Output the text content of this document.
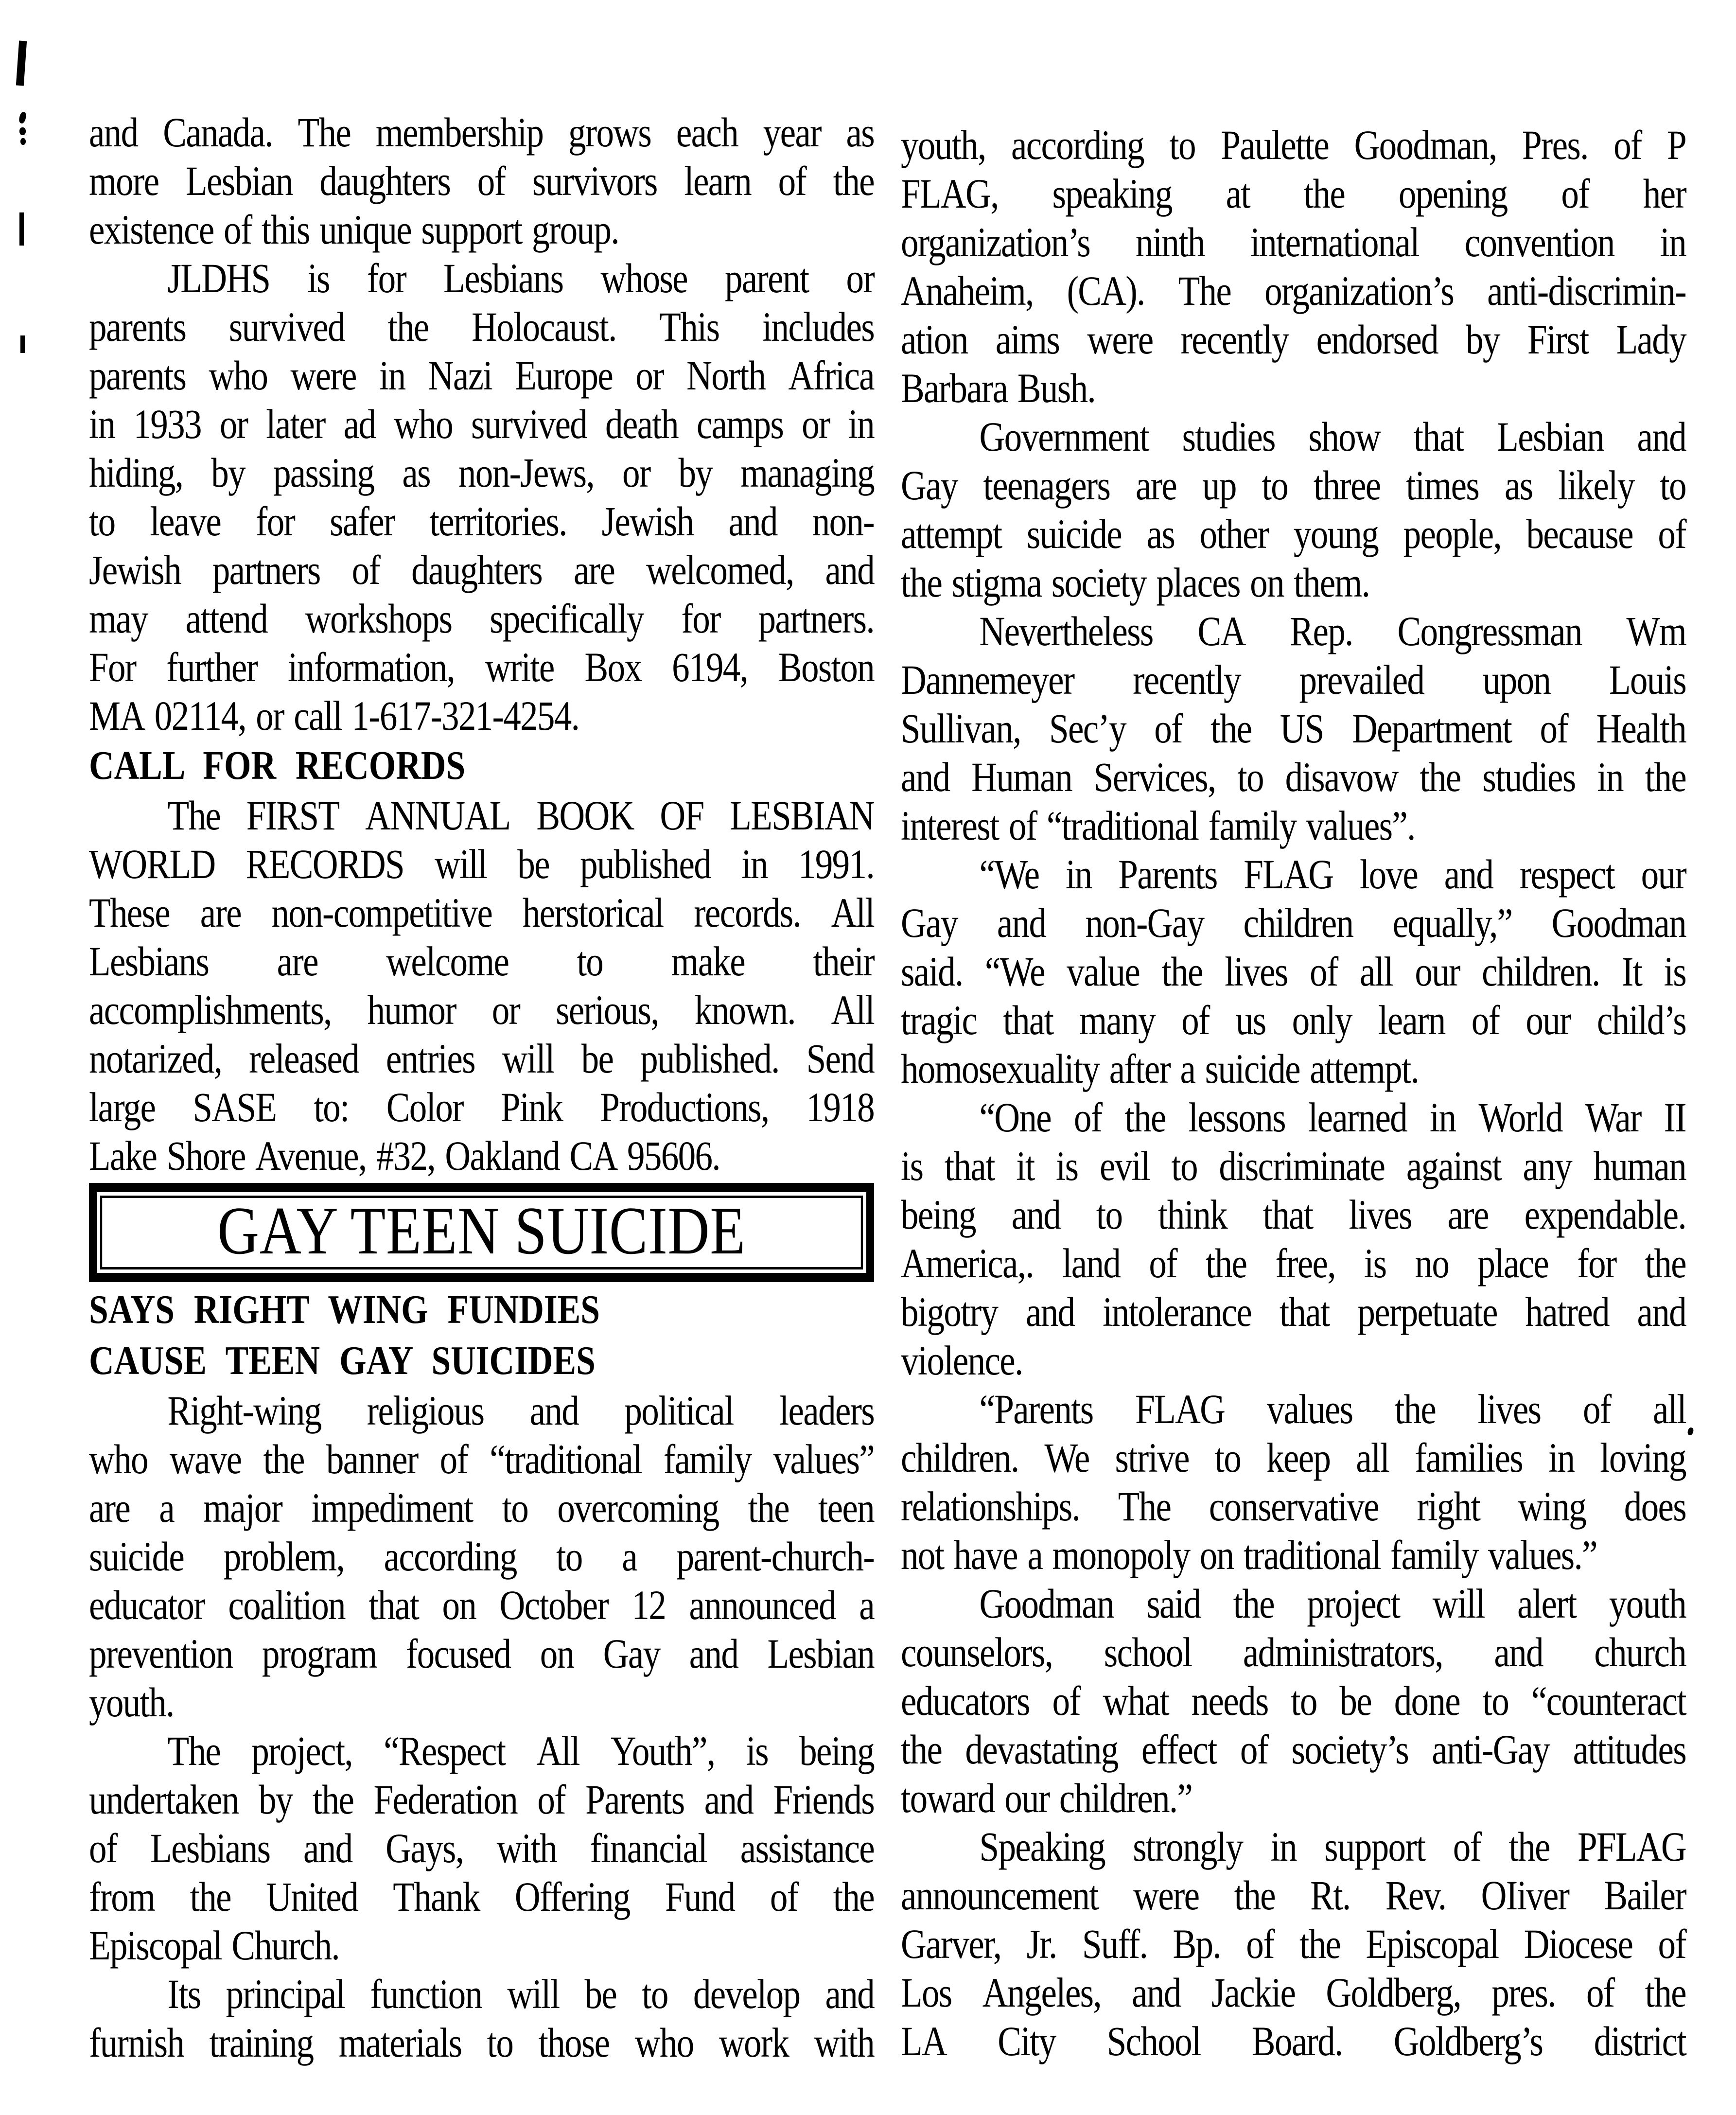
and Canada. The membership grows each year as
more Lesbian daughters of survivors learn of the
existence of this unique support group.
JLDHS is for Lesbians whose parent or
parents survived the Holocaust. This includes
parents who were in Nazi Europe or North Africa
in 1933 or later ad who survived death camps or in
hiding, by passing as non-Jews, or by managing
to leave for safer territories. Jewish and non-
Jewish partners of daughters are welcomed, and
may attend workshops specifically for partners.
For further information, write Box 6194, Boston
MA 02114, or call 1-617-321-4254.
CALL FOR RECORDS
The FIRST ANNUAL BOOK OF LESBIAN
WORLD RECORDS will be published in 1991.
These are non-competitive herstorical records. All
Lesbians are welcome to make their
accomplishments, humor or serious, known. All
notarized, released entries will be published. Send
large SASE to: Color Pink Productions, 1918
Lake Shore Avenue, #32, Oakland CA 95606.
GAY TEEN SUICIDE
SAYS RIGHT WING FUNDIES
CAUSE TEEN GAY SUICIDES
Right-wing religious and political leaders
who wave the banner of “traditional family values”
are a major impediment to overcoming the teen
suicide problem, according to a parent-church-
educator coalition that on October 12 announced a
prevention program focused on Gay and Lesbian
youth.
The project, “Respect All Youth”, is being
undertaken by the Federation of Parents and Friends
of Lesbians and Gays, with financial assistance
from the United Thank Offering Fund of the
Episcopal Church.
Its principal function will be to develop and
furnish training materials to those who work with
youth, according to Paulette Goodman, Pres. of P
FLAG, speaking at the opening of her
organization’s ninth international convention in
Anaheim, (CA). The organization’s anti-discrimin-
ation aims were recently endorsed by First Lady
Barbara Bush.
Government studies show that Lesbian and
Gay teenagers are up to three times as likely to
attempt suicide as other young people, because of
the stigma society places on them.
Nevertheless CA Rep. Congressman Wm
Dannemeyer recently prevailed upon Louis
Sullivan, Sec’y of the US Department of Health
and Human Services, to disavow the studies in the
interest of “traditional family values”.
“We in Parents FLAG love and respect our
Gay and non-Gay children equally,” Goodman
said. “We value the lives of all our children. It is
tragic that many of us only learn of our child’s
homosexuality after a suicide attempt.
“One of the lessons learned in World War II
is that it is evil to discriminate against any human
being and to think that lives are expendable.
America,. land of the free, is no place for the
bigotry and intolerance that perpetuate hatred and
violence.
“Parents FLAG values the lives of all
children. We strive to keep all families in loving
relationships. The conservative right wing does
not have a monopoly on traditional family values.”
Goodman said the project will alert youth
counselors, school administrators, and church
educators of what needs to be done to “counteract
the devastating effect of society’s anti-Gay attitudes
toward our children.”
Speaking strongly in support of the PFLAG
announcement were the Rt. Rev. OIiver Bailer
Garver, Jr. Suff. Bp. of the Episcopal Diocese of
Los Angeles, and Jackie Goldberg, pres. of the
LA City School Board. Goldberg’s district
